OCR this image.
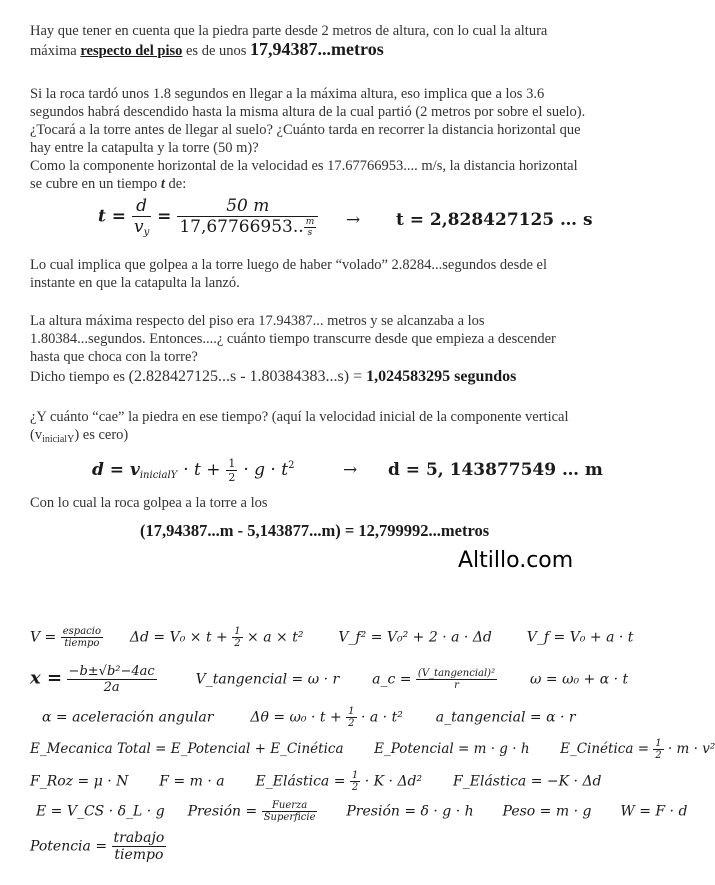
Hay que tener en cuenta que la piedra parte desde 2 metros de altura, con lo cual la altura
máxima respecto del piso es de unos 17,94387...metros
Si la roca tardó unos 1.8 segundos en llegar a la máxima altura, eso implica que a los 3.6
segundos habrá descendido hasta la misma altura de la cual partió (2 metros por sobre el suelo).
¿Tocará a la torre antes de llegar al suelo? ¿Cuánto tarda en recorrer la distancia horizontal que
hay entre la catapulta y la torre (50 m)?
Como la componente horizontal de la velocidad es 17.67766953.... m/s, la distancia horizontal
se cubre en un tiempo t de:
$t = \frac{d}{v_y} = \frac{50 m}{17,67766953.. \frac{m}{s}} \to t = 2,828427125$ … s
Lo cual implica que golpea a la torre luego de haber “volado” 2.8284...segundos desde el
instante en que la catapulta la lanzó.
La altura máxima respecto del piso era 17.94387... metros y se alcanzaba a los
1.80384...segundos. Entonces....¿ cuánto tiempo transcurre desde que empieza a descender
hasta que choca con la torre?
Dicho tiempo es (2.828427125...s - 1.80384383...s) = 1,024583295 segundos
¿Y cuánto “cae” la piedra en ese tiempo? (aquí la velocidad inicial de la componente vertical
$(v_{inicialY})$ es cero)
$d = v_{inicialY} \cdot t + \frac{1}{2} \cdot g \cdot t^2$	→ d = 5, 143877549 … m
Con lo cual la roca golpea a la torre a los
(17,94387...m - 5,143877...m) = 12,799992...metros
Altillo.com
$V = \frac{\text{espacio}}{\text{tiempo}}$ $\Delta d = V_0 \times t + \frac{1}{2} \times a \times t^2$ V_f² = V₀² + 2 · a · Δd V_f = V₀ + a · t
$x = \frac{\text{−b±√b²−4ac}}{2a}$	V_tangencial = ω · r a_c = $\frac{\text{(V\_tangencial)²}}{r}$ ω = ω₀ + α · t
α = aceleración angular	$\Delta\theta = \omega_0 \cdot t + \frac{1}{2} \cdot a \cdot t^2$ a_tangencial = α · r
E_Mecanica Total = E_Potencial + E_Cinética E_Potencial = m · g · h E_Cinética = $\frac{1}{2} \cdot m \cdot v^2$
F_Roz = μ · N F = m · a E_Elástica = $\frac{1}{2} \cdot K \cdot \Delta d^2$ F_Elástica = −K · Δd
E = V_CS · δ_L · g Presión = $\frac{\text{Fuerza}}{\text{Superficie}}$ Presión = δ · g · h Peso = m · g W = F · d
Potencia = $\frac{\text{trabajo}}{\text{tiempo}}$
